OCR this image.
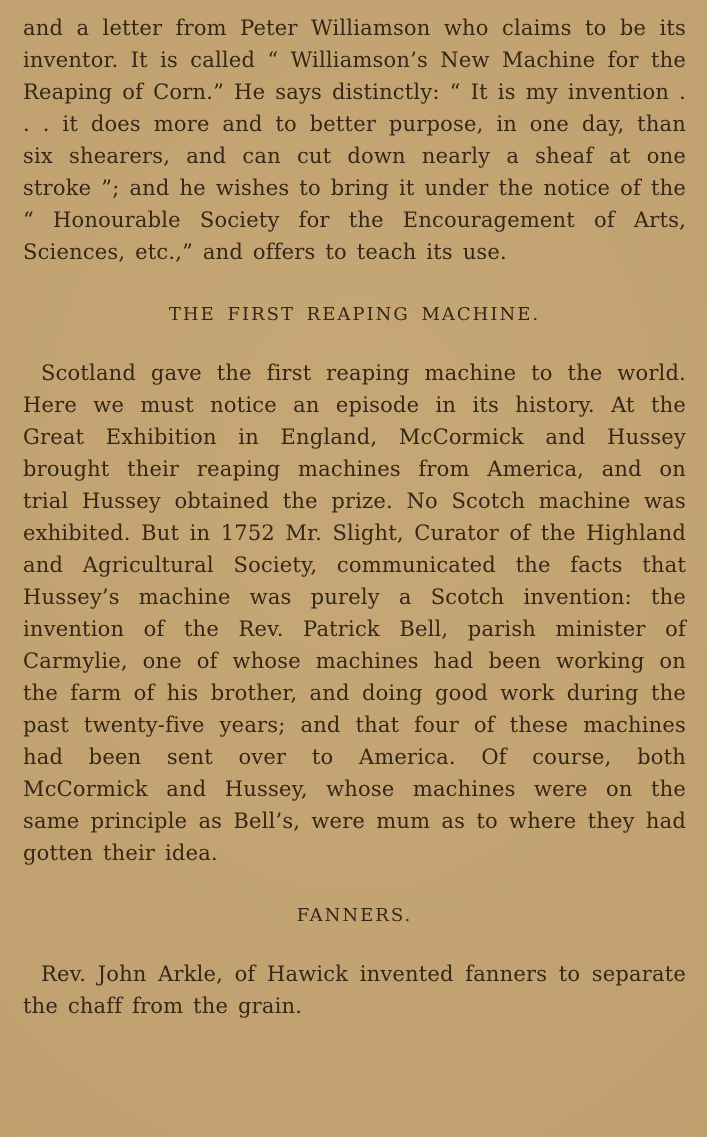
and a letter from Peter Williamson who claims to be its inventor. It is called “ Williamson’s New Machine for the Reaping of Corn.” He says distinctly: “ It is my invention . . . it does more and to better purpose, in one day, than six shearers, and can cut down nearly a sheaf at one stroke ”; and he wishes to bring it under the notice of the “ Honourable Society for the Encouragement of Arts, Sciences, etc.,” and offers to teach its use.

THE FIRST REAPING MACHINE.

Scotland gave the first reaping machine to the world. Here we must notice an episode in its history. At the Great Exhibition in England, McCormick and Hussey brought their reaping machines from America, and on trial Hussey obtained the prize. No Scotch machine was exhibited. But in 1752 Mr. Slight, Curator of the Highland and Agricultural Society, communicated the facts that Hussey’s machine was purely a Scotch invention: the invention of the Rev. Patrick Bell, parish minister of Carmylie, one of whose machines had been working on the farm of his brother, and doing good work during the past twenty-five years; and that four of these machines had been sent over to America. Of course, both McCormick and Hussey, whose machines were on the same principle as Bell’s, were mum as to where they had gotten their idea.

FANNERS.

Rev. John Arkle, of Hawick invented fanners to separate the chaff from the grain.
